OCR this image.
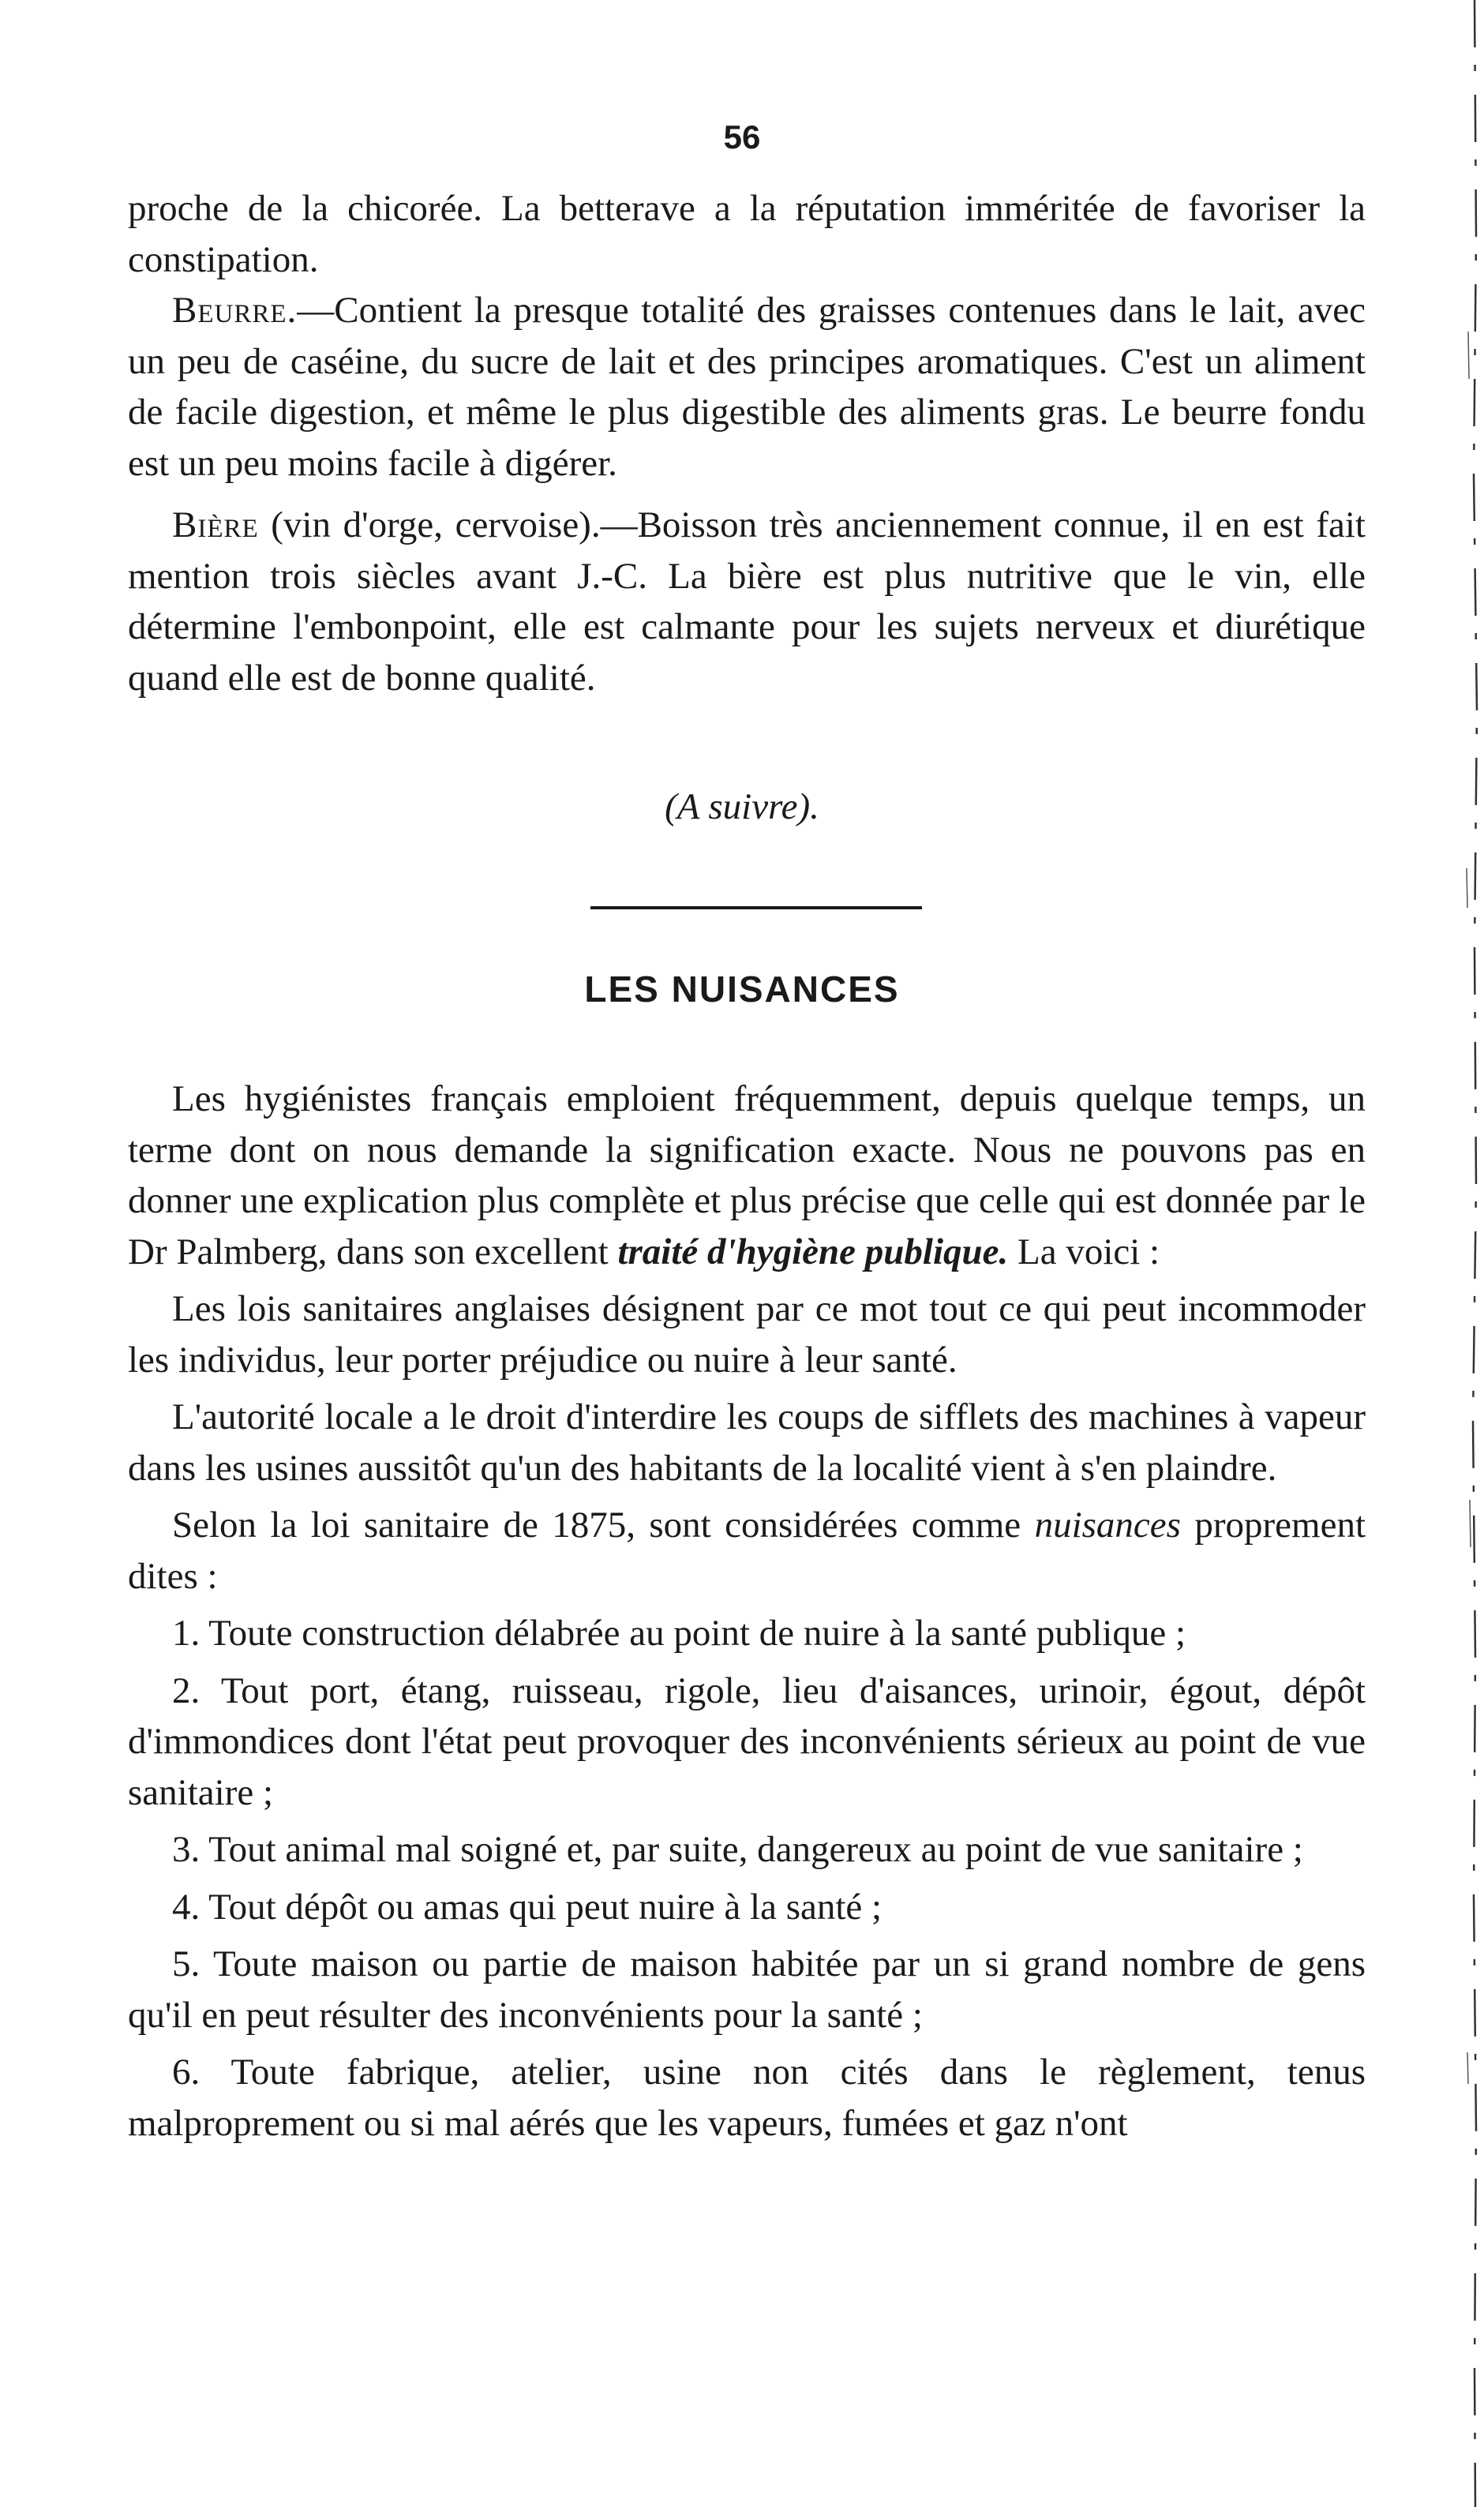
56

proche de la chicorée. La betterave a la réputation imméritée de favoriser la constipation.

Beurre.—Contient la presque totalité des graisses contenues dans le lait, avec un peu de caséine, du sucre de lait et des principes aromatiques. C'est un aliment de facile digestion, et même le plus digestible des aliments gras. Le beurre fondu est un peu moins facile à digérer.

Bière (vin d'orge, cervoise).—Boisson très anciennement connue, il en est fait mention trois siècles avant J.-C. La bière est plus nutritive que le vin, elle détermine l'embonpoint, elle est calmante pour les sujets nerveux et diurétique quand elle est de bonne qualité.

(A suivre).
LES NUISANCES

Les hygiénistes français emploient fréquemment, depuis quelque temps, un terme dont on nous demande la signification exacte. Nous ne pouvons pas en donner une explication plus complète et plus précise que celle qui est donnée par le Dr Palmberg, dans son excellent traité d'hygiène publique. La voici :

Les lois sanitaires anglaises désignent par ce mot tout ce qui peut incommoder les individus, leur porter préjudice ou nuire à leur santé.

L'autorité locale a le droit d'interdire les coups de sifflets des machines à vapeur dans les usines aussitôt qu'un des habitants de la localité vient à s'en plaindre.

Selon la loi sanitaire de 1875, sont considérées comme nuisances proprement dites :

1. Toute construction délabrée au point de nuire à la santé publique ;

2. Tout port, étang, ruisseau, rigole, lieu d'aisances, urinoir, égout, dépôt d'immondices dont l'état peut provoquer des inconvénients sérieux au point de vue sanitaire ;

3. Tout animal mal soigné et, par suite, dangereux au point de vue sanitaire ;

4. Tout dépôt ou amas qui peut nuire à la santé ;

5. Toute maison ou partie de maison habitée par un si grand nombre de gens qu'il en peut résulter des inconvénients pour la santé ;

6. Toute fabrique, atelier, usine non cités dans le règlement, tenus malproprement ou si mal aérés que les vapeurs, fumées et gaz n'ont
